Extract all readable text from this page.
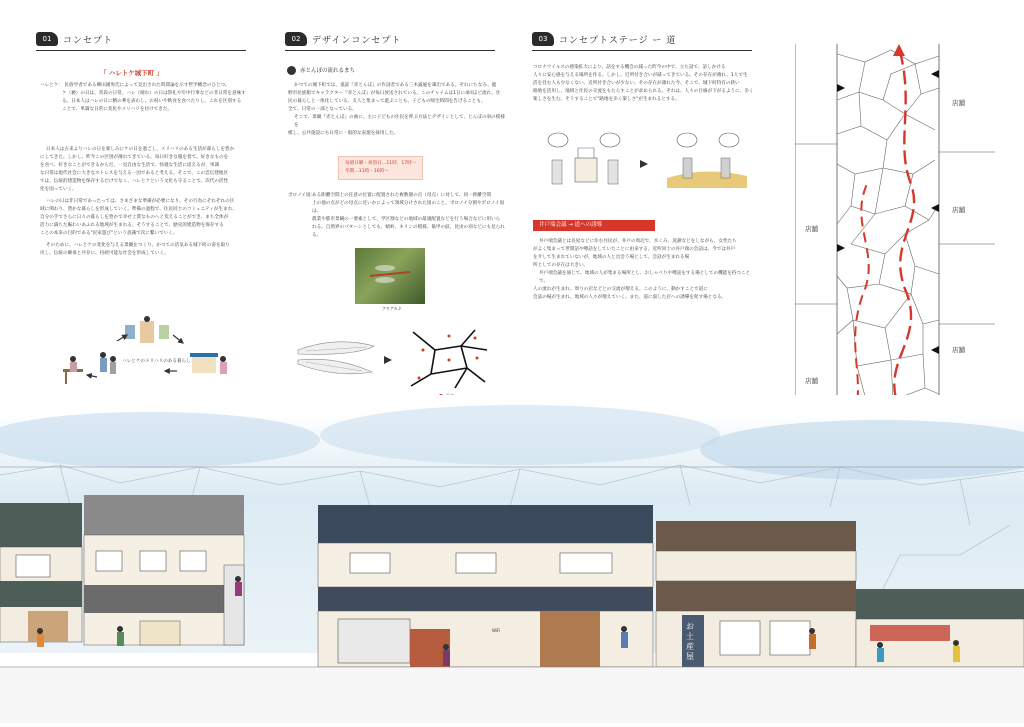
01	コンセプト
「 ハレトケ城下町 」
ハレとケ： 民俗学者である柳田國男氏によって見出された時間論を示す哲学概念のひとつ。
ケ（褻）の日は、普段の日常。ハレ（晴れ）の日は祭礼や年中行事などの非日常を意味す
る。日本人はハレの日に精の華を表わし、お祝いや飲食を食べたりし、これを区別する
ことで、単調な日常に変化やメリハリを付けてきた。
日本人は古来よりハレの日を楽しみにケの日を過ごし、メリハリのある生活が暮らしを豊か
にしてきた。しかし、昨今この区別が薄れてきている。毎日好きな服を着て、好きなものを
を食べ、好きなことができるからだ。一見自由な生活で、快適な生活に思えるが、単調
な日常は現代社会に大きなストレスを与える一因であると考える。そこで、この雲伝建地区
では、伝統的建造物を保存するだけでなく、ハレとケという文化も守ることで、次代の活性
化を図っていく。
ハレの日は非日常であったっては、さまざまな準備が必要になり、その行為にそれぞれの区
域に関わり、豊かな暮らしを形成していく。準備の過程で、住民同士のコミュニティが生まれ、
自分の手でさらに日々の暮らしを豊かで幸せ上質なものへと変えることができ、まち全体が
活力に満ちた賑わいあふれる地域が生まれる。そうすることで、歴史的建造物を保存する
ことの本来の目的である"民家遊び"という意識で次に繋いでいく。
そのために、ハレとケの変化を与える景観をつくり、かつての活気ある城下町の姿を取り
戻し、伝統の継承と共存に、持続可能な社会を形成していく。
ハレとケのメリハリのある暮らし
02	デザインコンセプト
赤とんぼの流れるまち
かつての城下町では、童謡『赤とんぼ』の作詞者である三木露風を輩出である。それにちなみ、龍
野市民族館でキャラクター『赤とんぼ』が毎日放送されている。このチャイムは1日に4回ほど流れ、住
民の暮らしと一体化している。友人と集まって遊ぶことも、子どもの帰宅時間を告げることも、
全て、日常の一部となっている。
そこで、景観『赤とんぼ』の曲に、主に子どもの住民を呼ぶ方法とデザインとして、とんぼの羽の模様を
模し、公共施設にも日常に一般的な表現を採用した。
毎週日曜・祝祭日…11時、17時〜
冬期…11時・16時〜
ボロノイ図：
ある距離空間上の任意の位置に配置された複数個の点（母点）に対して、同一距離空間
上の他の点がどの母点に近いかによって領域分けされた図のこと。ボロノイ分割やボロノイ図は、
農業や都市景観の一要素として、学区割などの地域の最適配置などを行う場合などに用いら
れる。自然界のパターンとしても、蜻蛉、キリンの模様、亀甲の紋、昆虫の羽などにも見られる。
アキアカネ
03	コンセプトステージ ー 道
コロナウイルスの感染拡大により、話をする機会の減った昨今の中で、立ち話で、話しかける
人々に安心感を与える場所を作る。しかし、近所付き合いが減ってきている。その存在が薄れ、1人で生
活を営む人も少なくない。近所付き合いが少ない。その存在が薄れた今、そこで、城下町特有の狭い
路地を活用し、地域と住民の交流をもたらすことが求められる。それは、人々の目線が下がるように、歩く
楽しさを生む。そうすることで"路地を歩く楽しさ"が生まれるとする。
井戸端会議 → 道への誘導
井戸端会議とは長屋などに住む住民が、井戸の周辺で、水くみ、洗濯などをしながら、女性たち
がよく集まって世間話や噂話をしていたことに由来する。近所同士の井戸端の会話は、今では井戸
を介して生まれていないが、地域の人と出会う場として、会話が生まれる場
所としての存在は大きい。
井戸端会議を通じて、地域の人が集まる場所とし、おしゃべりや噂話をする場としての機能を持つことで、
人の流れが生まれ、周りの店などとの交流が増える。このように、動かすことで道に
会話の場が生まれ、地域の人々が増えていく。また、道に面した店への誘導を促す場となる。
店舗
店舗
店舗
店舗
店舗
お土産屋
WiFi
